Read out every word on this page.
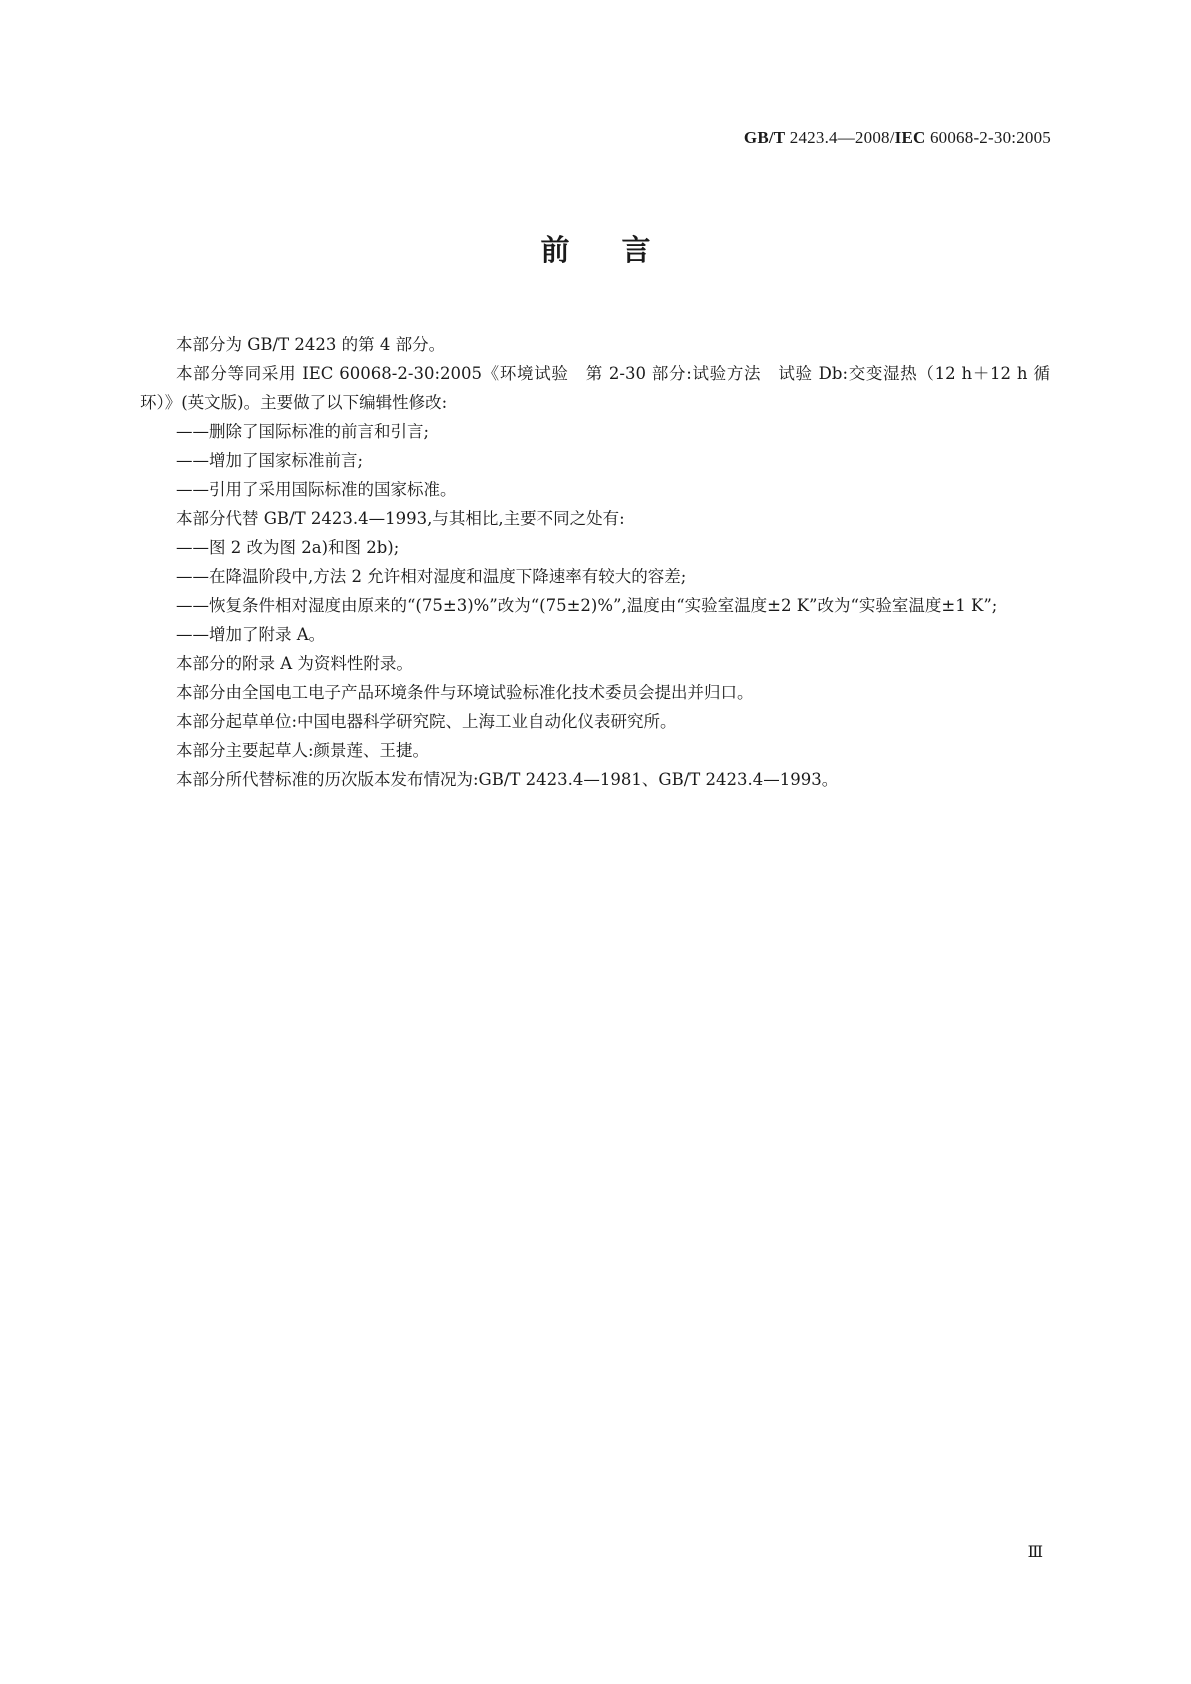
GB/T 2423.4—2008/IEC 60068-2-30:2005
前言

本部分为 GB/T 2423 的第 4 部分。

本部分等同采用 IEC 60068-2-30:2005《环境试验　第 2-30 部分:试验方法　试验 Db:交变湿热（12 h＋12 h 循环）》(英文版)。主要做了以下编辑性修改:

——删除了国际标准的前言和引言;

——增加了国家标准前言;

——引用了采用国际标准的国家标准。

本部分代替 GB/T 2423.4—1993,与其相比,主要不同之处有:

——图 2 改为图 2a)和图 2b);

——在降温阶段中,方法 2 允许相对湿度和温度下降速率有较大的容差;

——恢复条件相对湿度由原来的“(75±3)%”改为“(75±2)%”,温度由“实验室温度±2 K”改为“实验室温度±1 K”;

——增加了附录 A。

本部分的附录 A 为资料性附录。

本部分由全国电工电子产品环境条件与环境试验标准化技术委员会提出并归口。

本部分起草单位:中国电器科学研究院、上海工业自动化仪表研究所。

本部分主要起草人:颜景莲、王捷。

本部分所代替标准的历次版本发布情况为:GB/T 2423.4—1981、GB/T 2423.4—1993。

Ⅲ
